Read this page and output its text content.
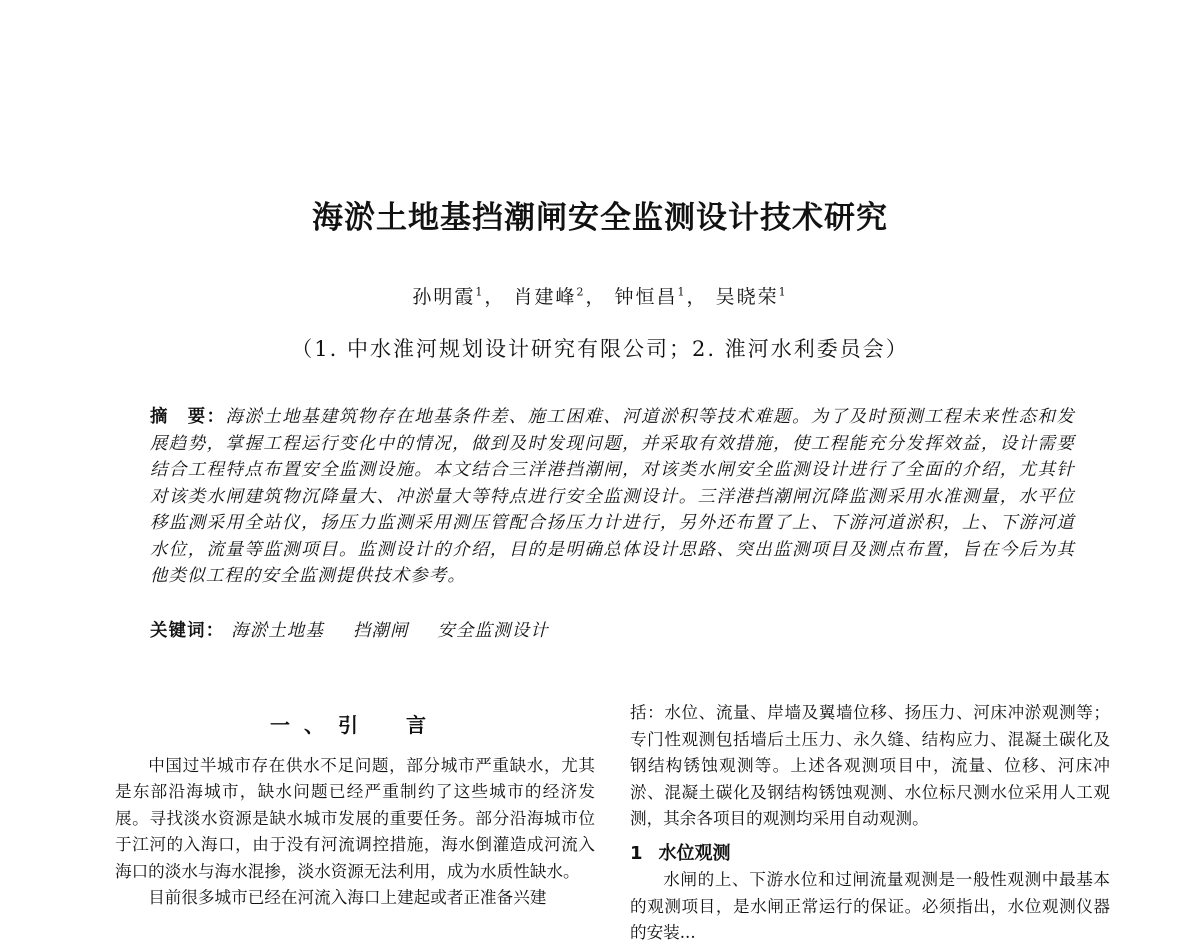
海淤土地基挡潮闸安全监测设计技术研究
孙明霞$^1$， 肖建峰$^2$， 钟恒昌$^1$， 吴晓荣$^1$
（1. 中水淮河规划设计研究有限公司；2. 淮河水利委员会）
摘　要：海淤土地基建筑物存在地基条件差、施工困难、河道淤积等技术难题。为了及时预测工程未来性态和发展趋势，掌握工程运行变化中的情况，做到及时发现问题，并采取有效措施，使工程能充分发挥效益，设计需要结合工程特点布置安全监测设施。本文结合三洋港挡潮闸，对该类水闸安全监测设计进行了全面的介绍，尤其针对该类水闸建筑物沉降量大、冲淤量大等特点进行安全监测设计。三洋港挡潮闸沉降监测采用水准测量，水平位移监测采用全站仪，扬压力监测采用测压管配合扬压力计进行，另外还布置了上、下游河道淤积，上、下游河道水位，流量等监测项目。监测设计的介绍，目的是明确总体设计思路、突出监测项目及测点布置，旨在今后为其他类似工程的安全监测提供技术参考。
关键词： 海淤土地基 挡潮闸 安全监测设计
一、引　言

中国过半城市存在供水不足问题，部分城市严重缺水，尤其是东部沿海城市，缺水问题已经严重制约了这些城市的经济发展。寻找淡水资源是缺水城市发展的重要任务。部分沿海城市位于江河的入海口，由于没有河流调控措施，海水倒灌造成河流入海口的淡水与海水混掺，淡水资源无法利用，成为水质性缺水。

目前很多城市已经在河流入海口上建起或者正准备兴建

括：水位、流量、岸墙及翼墙位移、扬压力、河床冲淤观测等；专门性观测包括墙后土压力、永久缝、结构应力、混凝土碳化及钢结构锈蚀观测等。上述各观测项目中，流量、位移、河床冲淤、混凝土碳化及钢结构锈蚀观测、水位标尺测水位采用人工观测，其余各项目的观测均采用自动观测。

1 水位观测

水闸的上、下游水位和过闸流量观测是一般性观测中最基本的观测项目，是水闸正常运行的保证。必须指出，水位观测仪器的安装...
